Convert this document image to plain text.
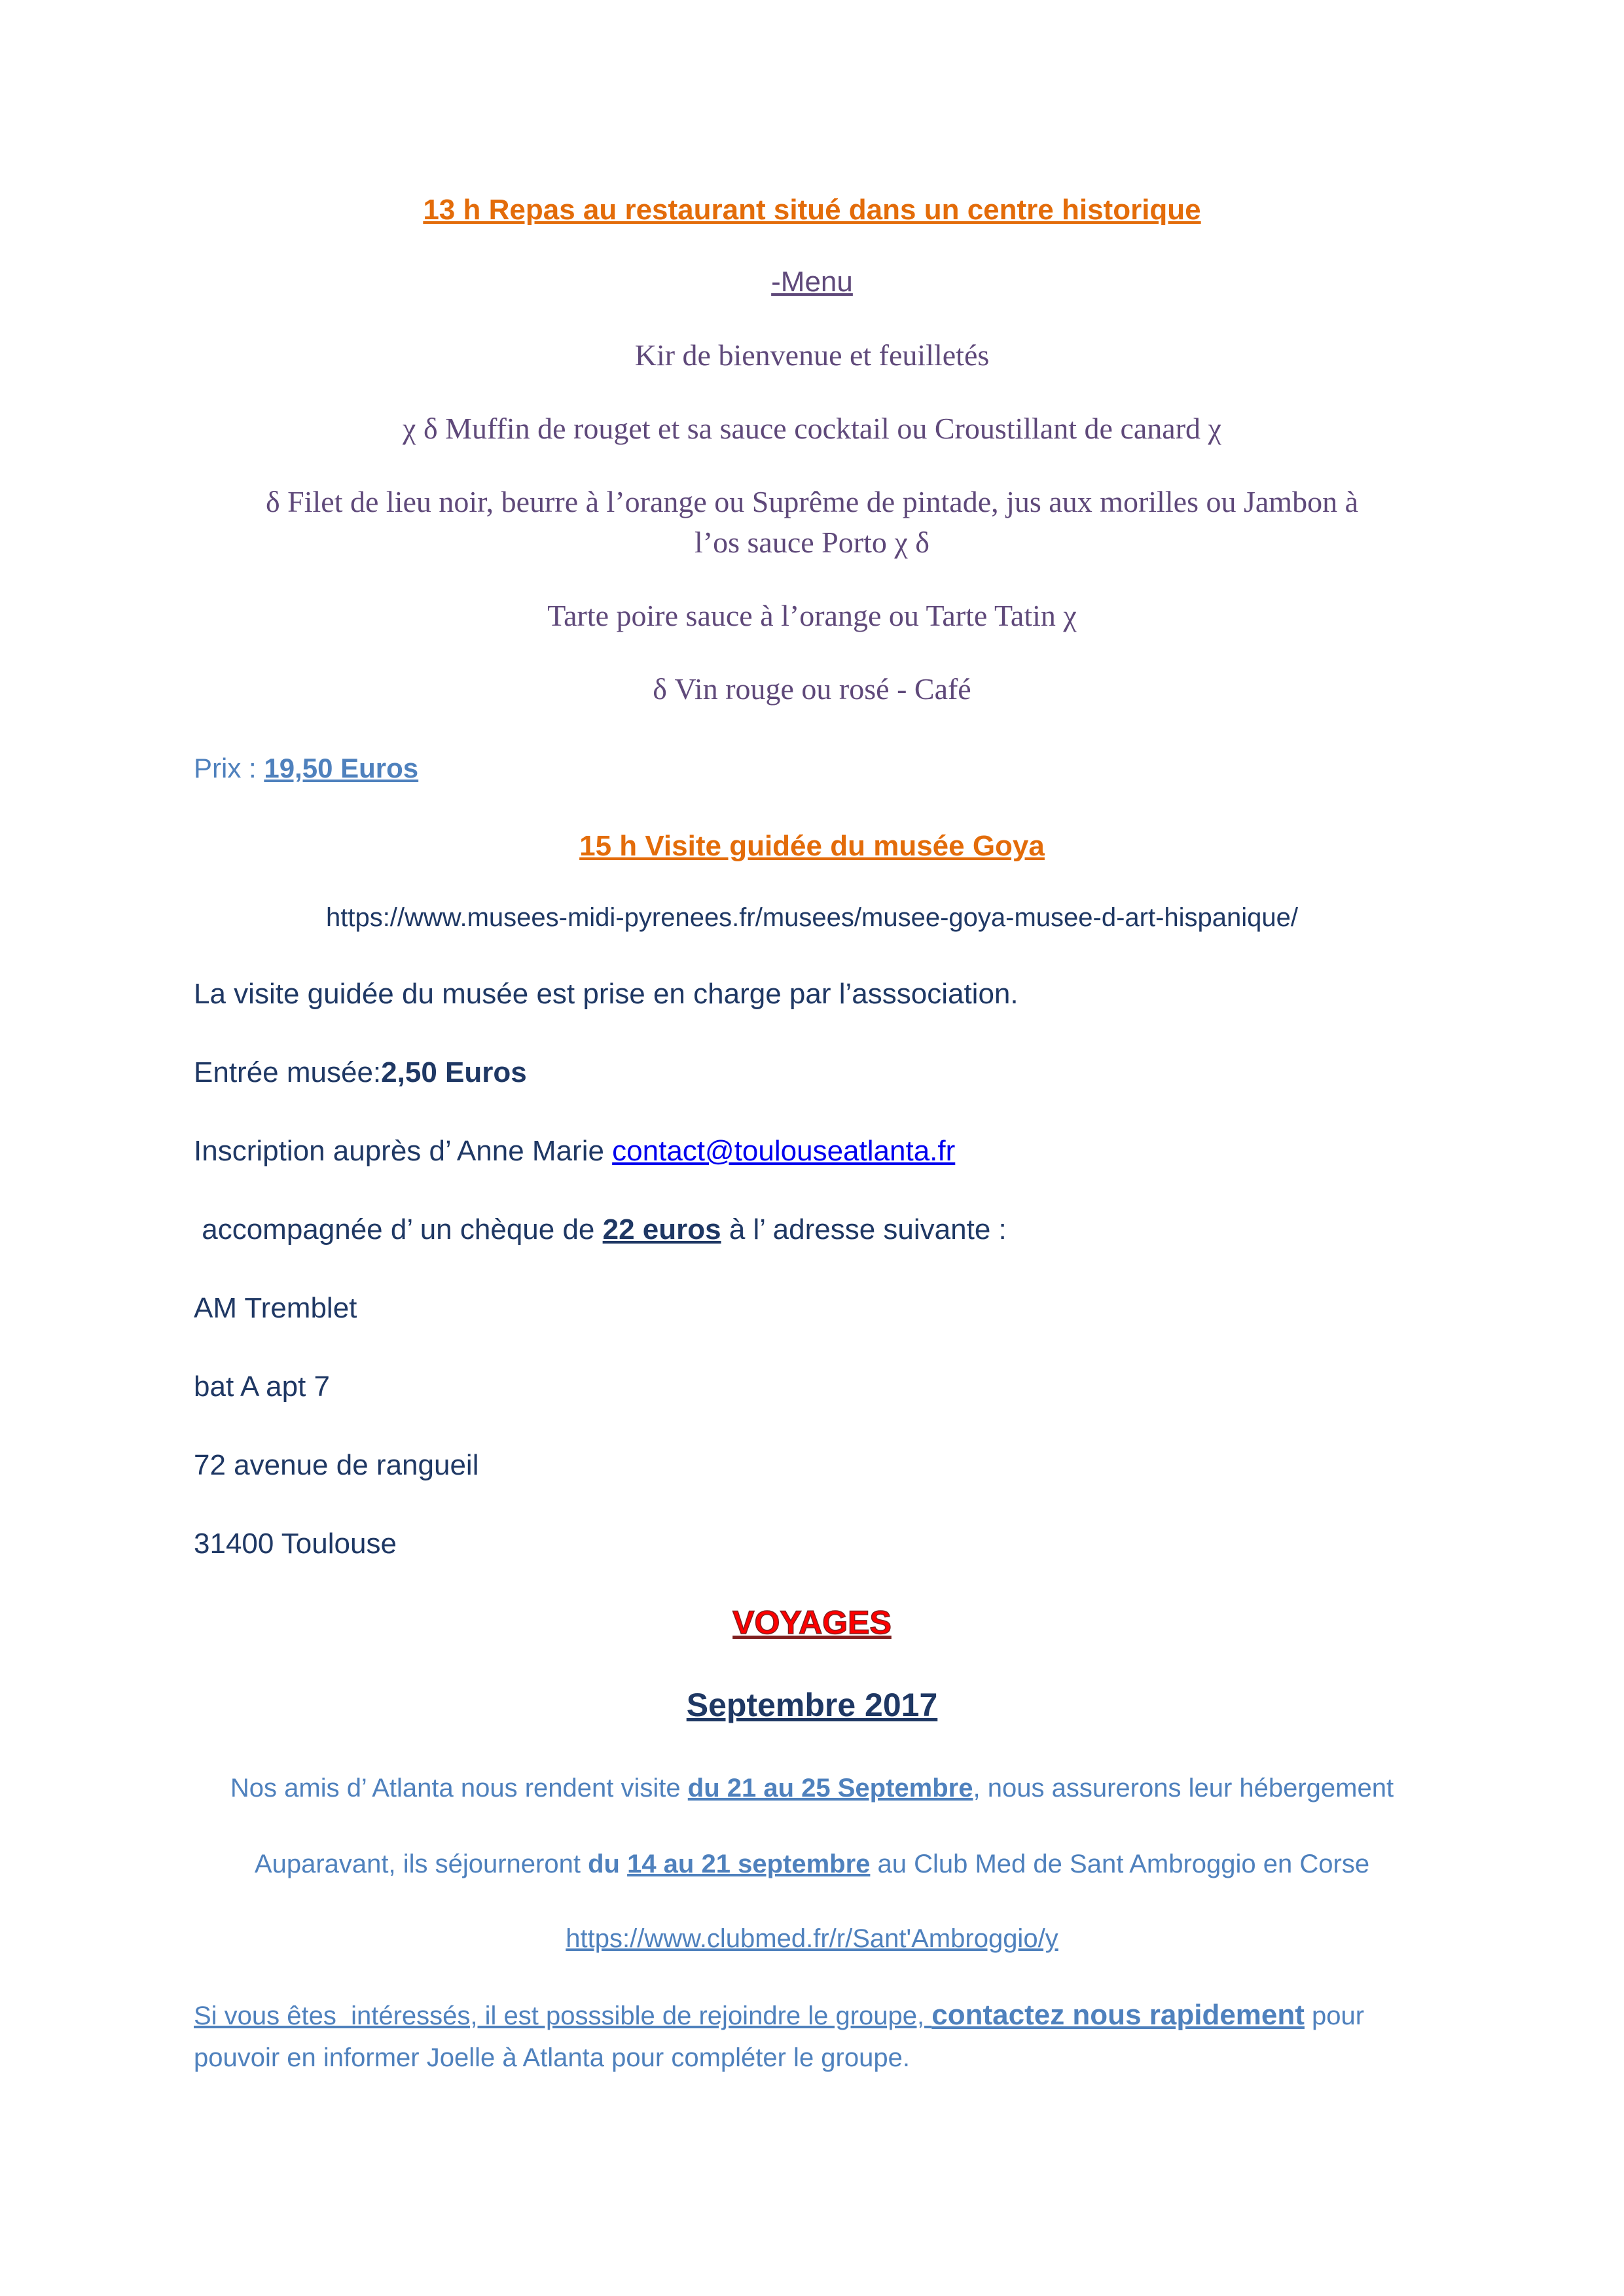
13 h Repas au restaurant situé dans un centre historique
-Menu
Kir de bienvenue et feuilletés
χ δ Muffin de rouget et sa sauce cocktail ou Croustillant de canard χ
δ Filet de lieu noir, beurre à l’orange ou Suprême de pintade, jus aux morilles ou Jambon à
l’os sauce Porto χ δ
Tarte poire sauce à l’orange ou Tarte Tatin χ
δ Vin rouge ou rosé - Café
Prix : 19,50 Euros
15 h Visite guidée du musée Goya
https://www.musees-midi-pyrenees.fr/musees/musee-goya-musee-d-art-hispanique/
La visite guidée du musée est prise en charge par l’asssociation.
Entrée musée:2,50 Euros
Inscription auprès d’ Anne Marie contact@toulouseatlanta.fr
accompagnée d’ un chèque de 22 euros à l’ adresse suivante :
AM Tremblet
bat A apt 7
72 avenue de rangueil
31400 Toulouse
VOYAGES
Septembre 2017
Nos amis d’ Atlanta nous rendent visite du 21 au 25 Septembre, nous assurerons leur hébergement
Auparavant, ils séjourneront du 14 au 21 septembre au Club Med de Sant Ambroggio en Corse
https://www.clubmed.fr/r/Sant'Ambroggio/y
Si vous êtes  intéressés, il est posssible de rejoindre le groupe, contactez nous rapidement pour
pouvoir en informer Joelle à Atlanta pour compléter le groupe.
